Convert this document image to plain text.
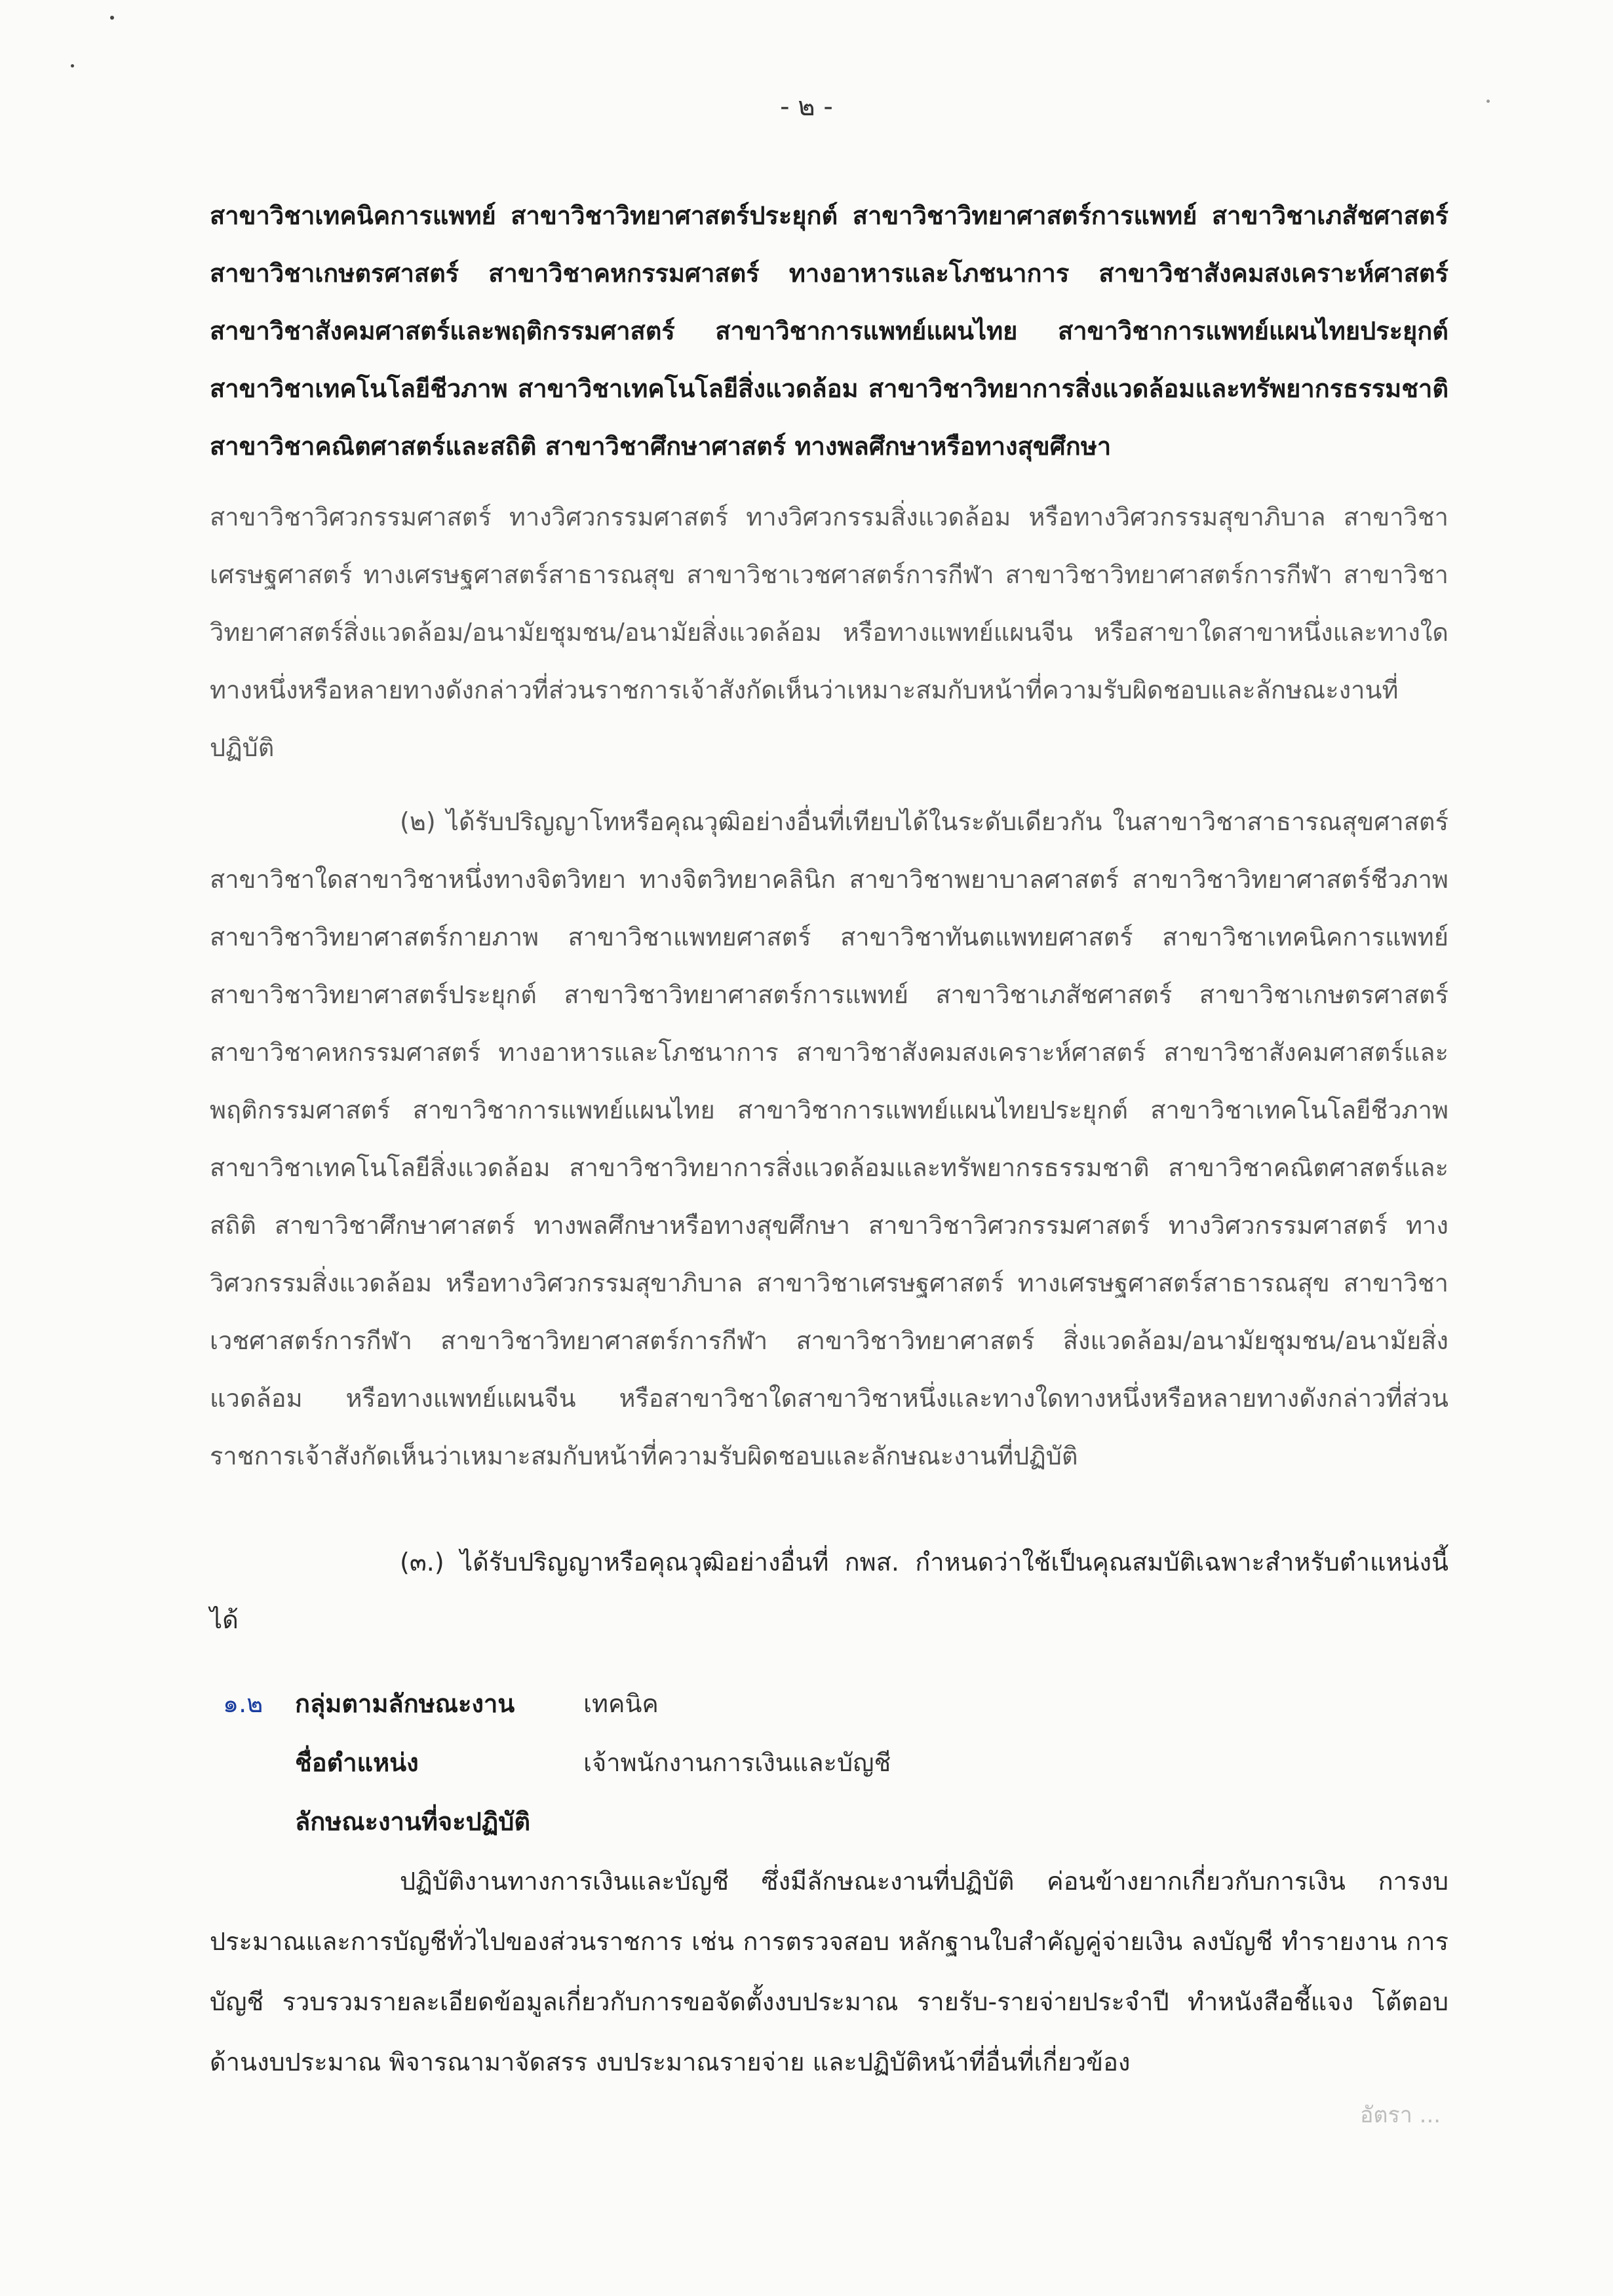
- ๒ -

สาขาวิชาเทคนิคการแพทย์ สาขาวิชาวิทยาศาสตร์ประยุกต์ สาขาวิชาวิทยาศาสตร์การแพทย์ สาขาวิชาเภสัชศาสตร์ สาขาวิชาเกษตรศาสตร์ สาขาวิชาคหกรรมศาสตร์ ทางอาหารและโภชนาการ สาขาวิชาสังคมสงเคราะห์ศาสตร์ สาขาวิชาสังคมศาสตร์และพฤติกรรมศาสตร์ สาขาวิชาการแพทย์แผนไทย สาขาวิชาการแพทย์แผนไทยประยุกต์ สาขาวิชาเทคโนโลยีชีวภาพ สาขาวิชาเทคโนโลยีสิ่งแวดล้อม สาขาวิชาวิทยาการสิ่งแวดล้อมและทรัพยากรธรรมชาติ สาขาวิชาคณิตศาสตร์และสถิติ สาขาวิชาศึกษาศาสตร์ ทางพลศึกษาหรือทางสุขศึกษา

สาขาวิชาวิศวกรรมศาสตร์ ทางวิศวกรรมศาสตร์ ทางวิศวกรรมสิ่งแวดล้อม หรือทางวิศวกรรมสุขาภิบาล สาขาวิชาเศรษฐศาสตร์ ทางเศรษฐศาสตร์สาธารณสุข สาขาวิชาเวชศาสตร์การกีฬา สาขาวิชาวิทยาศาสตร์การกีฬา สาขาวิชาวิทยาศาสตร์สิ่งแวดล้อม/อนามัยชุมชน/อนามัยสิ่งแวดล้อม หรือทางแพทย์แผนจีน หรือสาขาใดสาขาหนึ่งและทางใดทางหนึ่งหรือหลายทางดังกล่าวที่ส่วนราชการเจ้าสังกัดเห็นว่าเหมาะสมกับหน้าที่ความรับผิดชอบและลักษณะงานที่ปฏิบัติ

(๒) ได้รับปริญญาโทหรือคุณวุฒิอย่างอื่นที่เทียบได้ในระดับเดียวกัน ในสาขาวิชาสาธารณสุขศาสตร์ สาขาวิชาใดสาขาวิชาหนึ่งทางจิตวิทยา ทางจิตวิทยาคลินิก สาขาวิชาพยาบาลศาสตร์ สาขาวิชาวิทยาศาสตร์ชีวภาพ สาขาวิชาวิทยาศาสตร์กายภาพ สาขาวิชาแพทยศาสตร์ สาขาวิชาทันตแพทยศาสตร์ สาขาวิชาเทคนิคการแพทย์ สาขาวิชาวิทยาศาสตร์ประยุกต์ สาขาวิชาวิทยาศาสตร์การแพทย์ สาขาวิชาเภสัชศาสตร์ สาขาวิชาเกษตรศาสตร์ สาขาวิชาคหกรรมศาสตร์ ทางอาหารและโภชนาการ สาขาวิชาสังคมสงเคราะห์ศาสตร์ สาขาวิชาสังคมศาสตร์และพฤติกรรมศาสตร์ สาขาวิชาการแพทย์แผนไทย สาขาวิชาการแพทย์แผนไทยประยุกต์ สาขาวิชาเทคโนโลยีชีวภาพ สาขาวิชาเทคโนโลยีสิ่งแวดล้อม สาขาวิชาวิทยาการสิ่งแวดล้อมและทรัพยากรธรรมชาติ สาขาวิชาคณิตศาสตร์และสถิติ สาขาวิชาศึกษาศาสตร์ ทางพลศึกษาหรือทางสุขศึกษา สาขาวิชาวิศวกรรมศาสตร์ ทางวิศวกรรมศาสตร์ ทางวิศวกรรมสิ่งแวดล้อม หรือทางวิศวกรรมสุขาภิบาล สาขาวิชาเศรษฐศาสตร์ ทางเศรษฐศาสตร์สาธารณสุข สาขาวิชาเวชศาสตร์การกีฬา สาขาวิชาวิทยาศาสตร์การกีฬา สาขาวิชาวิทยาศาสตร์ สิ่งแวดล้อม/อนามัยชุมชน/อนามัยสิ่งแวดล้อม หรือทางแพทย์แผนจีน หรือสาขาวิชาใดสาขาวิชาหนึ่งและทางใดทางหนึ่งหรือหลายทางดังกล่าวที่ส่วนราชการเจ้าสังกัดเห็นว่าเหมาะสมกับหน้าที่ความรับผิดชอบและลักษณะงานที่ปฏิบัติ

(๓.) ได้รับปริญญาหรือคุณวุฒิอย่างอื่นที่ กพส. กำหนดว่าใช้เป็นคุณสมบัติเฉพาะสำหรับตำแหน่งนี้ได้

๑.๒	กลุ่มตามลักษณะงาน	เทคนิค
ชื่อตำแหน่ง	เจ้าพนักงานการเงินและบัญชี
ลักษณะงานที่จะปฏิบัติ

ปฏิบัติงานทางการเงินและบัญชี ซึ่งมีลักษณะงานที่ปฏิบัติ ค่อนข้างยากเกี่ยวกับการเงิน การงบประมาณและการบัญชีทั่วไปของส่วนราชการ เช่น การตรวจสอบ หลักฐานใบสำคัญคู่จ่ายเงิน ลงบัญชี ทำรายงาน การบัญชี รวบรวมรายละเอียดข้อมูลเกี่ยวกับการขอจัดตั้งงบประมาณ รายรับ-รายจ่ายประจำปี ทำหนังสือชี้แจง โต้ตอบ ด้านงบประมาณ พิจารณามาจัดสรร งบประมาณรายจ่าย และปฏิบัติหน้าที่อื่นที่เกี่ยวข้อง

อัตรา ...
